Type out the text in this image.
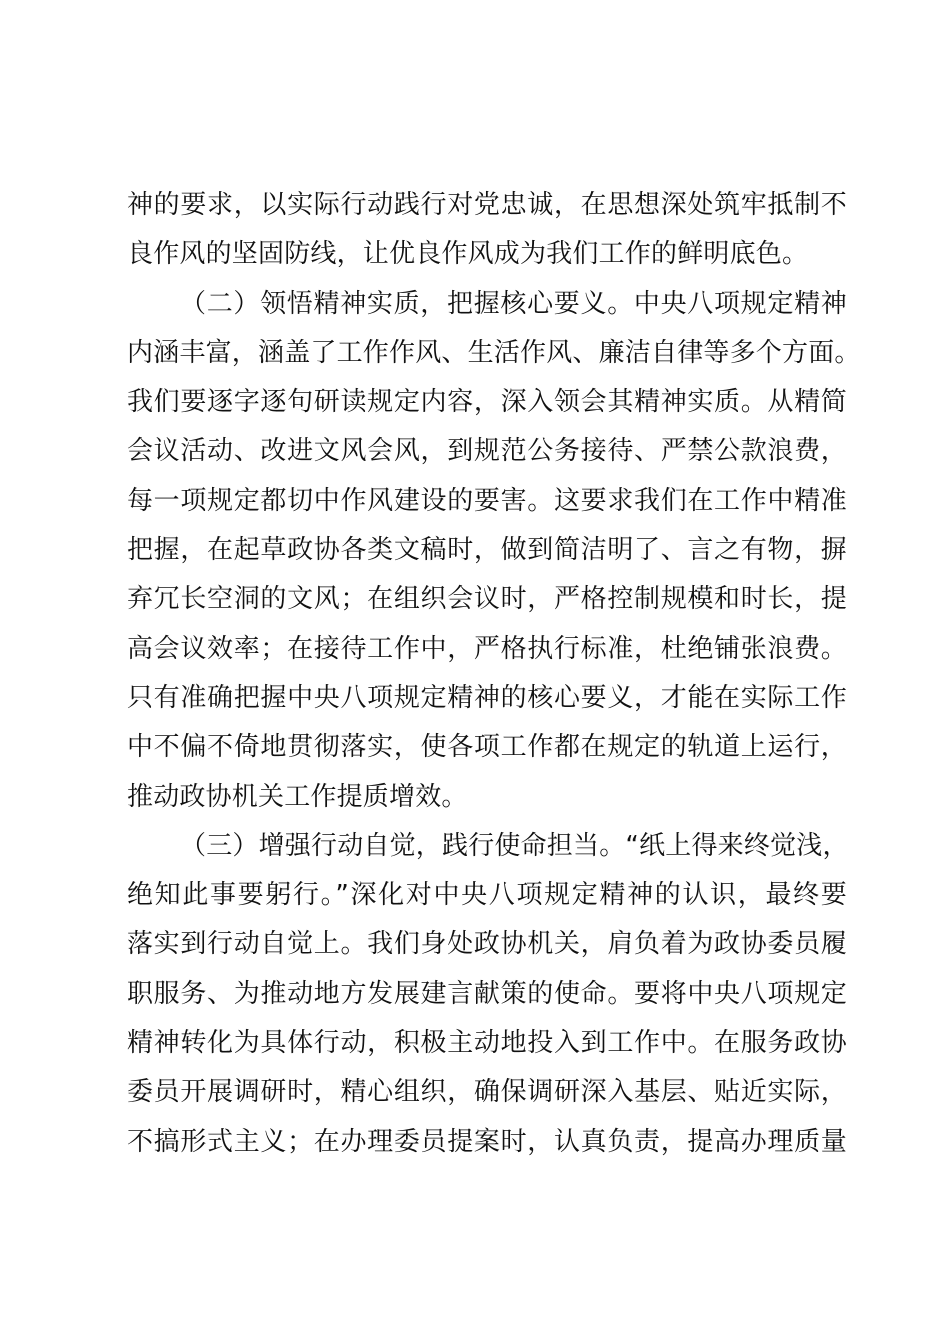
神的要求，以实际行动践行对党忠诚，在思想深处筑牢抵制不
良作风的坚固防线，让优良作风成为我们工作的鲜明底色。
（二）领悟精神实质，把握核心要义。中央八项规定精神
内涵丰富，涵盖了工作作风、生活作风、廉洁自律等多个方面。
我们要逐字逐句研读规定内容，深入领会其精神实质。从精简
会议活动、改进文风会风，到规范公务接待、严禁公款浪费，
每一项规定都切中作风建设的要害。这要求我们在工作中精准
把握，在起草政协各类文稿时，做到简洁明了、言之有物，摒
弃冗长空洞的文风；在组织会议时，严格控制规模和时长，提
高会议效率；在接待工作中，严格执行标准，杜绝铺张浪费。
只有准确把握中央八项规定精神的核心要义，才能在实际工作
中不偏不倚地贯彻落实，使各项工作都在规定的轨道上运行，
推动政协机关工作提质增效。
（三）增强行动自觉，践行使命担当。“纸上得来终觉浅，
绝知此事要躬行。”深化对中央八项规定精神的认识，最终要
落实到行动自觉上。我们身处政协机关，肩负着为政协委员履
职服务、为推动地方发展建言献策的使命。要将中央八项规定
精神转化为具体行动，积极主动地投入到工作中。在服务政协
委员开展调研时，精心组织，确保调研深入基层、贴近实际，
不搞形式主义；在办理委员提案时，认真负责，提高办理质量
